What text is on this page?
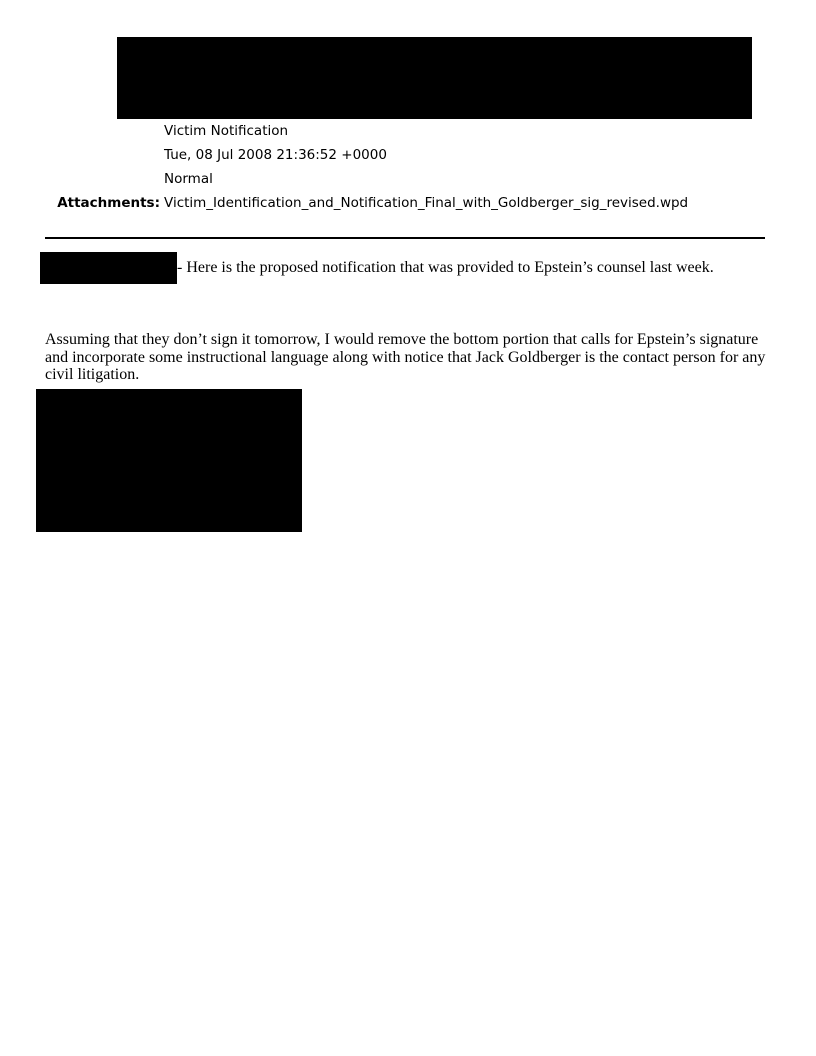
Victim Notification
Tue, 08 Jul 2008 21:36:52 +0000
Normal
Attachments: Victim_Identification_and_Notification_Final_with_Goldberger_sig_revised.wpd
- Here is the proposed notification that was provided to Epstein’s counsel last week.
Assuming that they don’t sign it tomorrow, I would remove the bottom portion that calls for Epstein’s signature and incorporate some instructional language along with notice that Jack Goldberger is the contact person for any civil litigation.
